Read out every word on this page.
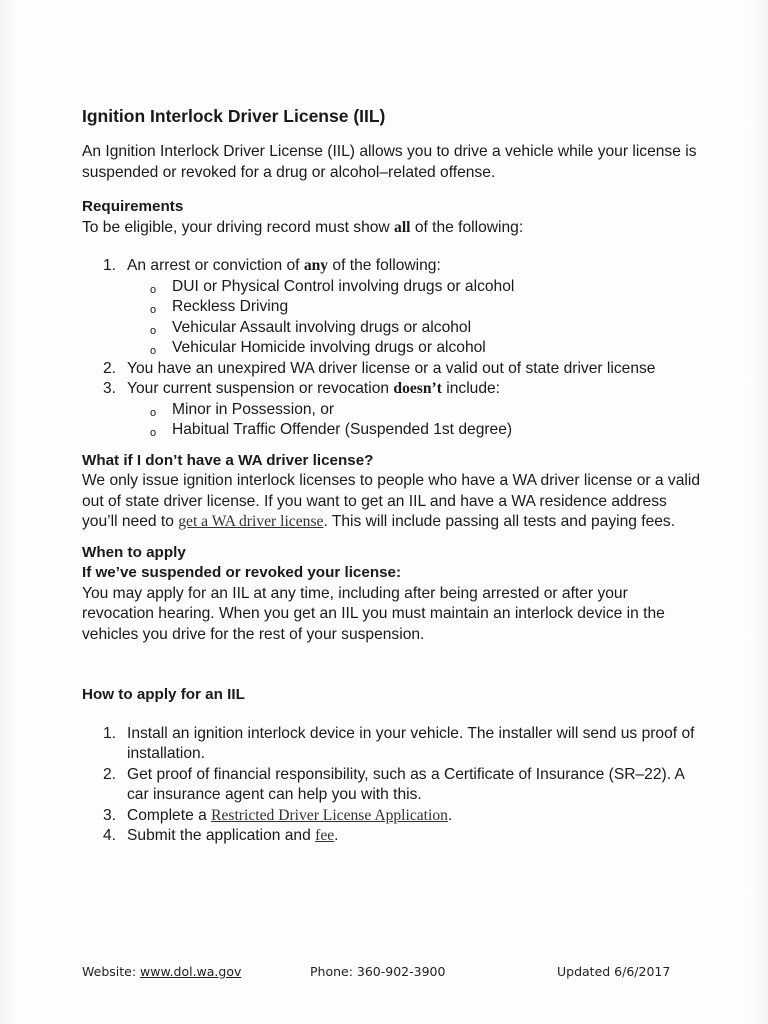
Ignition Interlock Driver License (IIL)

An Ignition Interlock Driver License (IIL) allows you to drive a vehicle while your license is suspended or revoked for a drug or alcohol–related offense.

Requirements

To be eligible, your driving record must show all of the following:

1. An arrest or conviction of any of the following:
o DUI or Physical Control involving drugs or alcohol
o Reckless Driving
o Vehicular Assault involving drugs or alcohol
o Vehicular Homicide involving drugs or alcohol
2. You have an unexpired WA driver license or a valid out of state driver license
3. Your current suspension or revocation doesn’t include:
o Minor in Possession, or
o Habitual Traffic Offender (Suspended 1st degree)
What if I don’t have a WA driver license?

We only issue ignition interlock licenses to people who have a WA driver license or a valid out of state driver license. If you want to get an IIL and have a WA residence address you’ll need to get a WA driver license. This will include passing all tests and paying fees.

When to apply
If we’ve suspended or revoked your license:

You may apply for an IIL at any time, including after being arrested or after your revocation hearing. When you get an IIL you must maintain an interlock device in the vehicles you drive for the rest of your suspension.

How to apply for an IIL
1. Install an ignition interlock device in your vehicle. The installer will send us proof of installation.
2. Get proof of financial responsibility, such as a Certificate of Insurance (SR–22). A car insurance agent can help you with this.
3. Complete a Restricted Driver License Application.
4. Submit the application and fee.
Website: www.dol.wa.gov	Phone: 360-902-3900	Updated 6/6/2017
